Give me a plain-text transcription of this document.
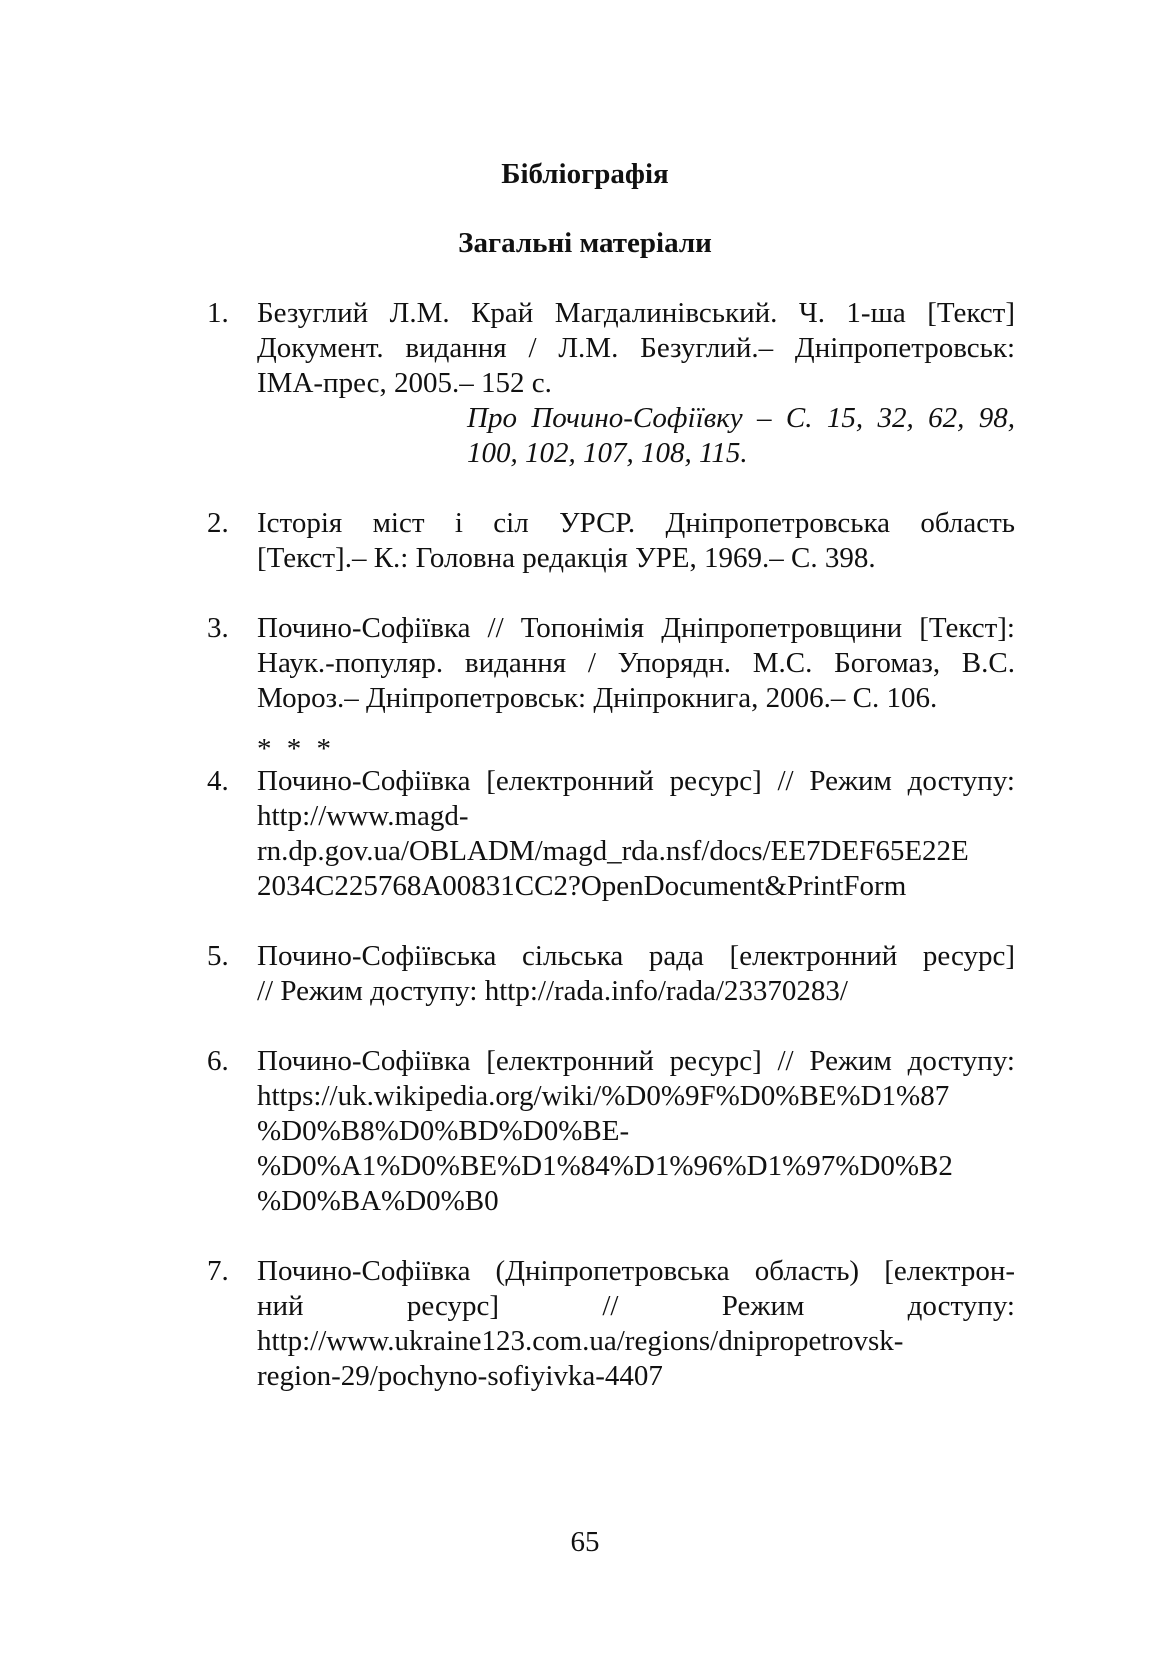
Бібліографія
Загальні матеріали

1. Безуглий Л.М. Край Магдалинівський. Ч. 1-ша [Текст]
Документ. видання / Л.М. Безуглий.– Дніпропетровськ:
ІМА-прес, 2005.– 152 с.
Про Почино-Софіївку – С. 15, 32, 62, 98,
100, 102, 107, 108, 115.

2. Історія міст і сіл УРСР. Дніпропетровська область
[Текст].– К.: Головна редакція УРЕ, 1969.– С. 398.

3. Почино-Софіївка // Топонімія Дніпропетровщини [Текст]:
Наук.-популяр. видання / Упорядн. М.С. Богомаз, В.С.
Мороз.– Дніпропетровськ: Дніпрокнига, 2006.– С. 106.

* * *

4. Почино-Софіївка [електронний ресурс] // Режим доступу:
http://www.magd-
rn.dp.gov.ua/OBLADM/magd_rda.nsf/docs/EE7DEF65E22E
2034C225768A00831CC2?OpenDocument&PrintForm

5. Почино-Софіївська сільська рада [електронний ресурс]
// Режим доступу: http://rada.info/rada/23370283/

6. Почино-Софіївка [електронний ресурс] // Режим доступу:
https://uk.wikipedia.org/wiki/%D0%9F%D0%BE%D1%87
%D0%B8%D0%BD%D0%BE-
%D0%A1%D0%BE%D1%84%D1%96%D1%97%D0%B2
%D0%BA%D0%B0

7. Почино-Софіївка (Дніпропетровська область) [електрон-
ний ресурс] // Режим доступу:
http://www.ukraine123.com.ua/regions/dnipropetrovsk-
region-29/pochyno-sofiyivka-4407

65
